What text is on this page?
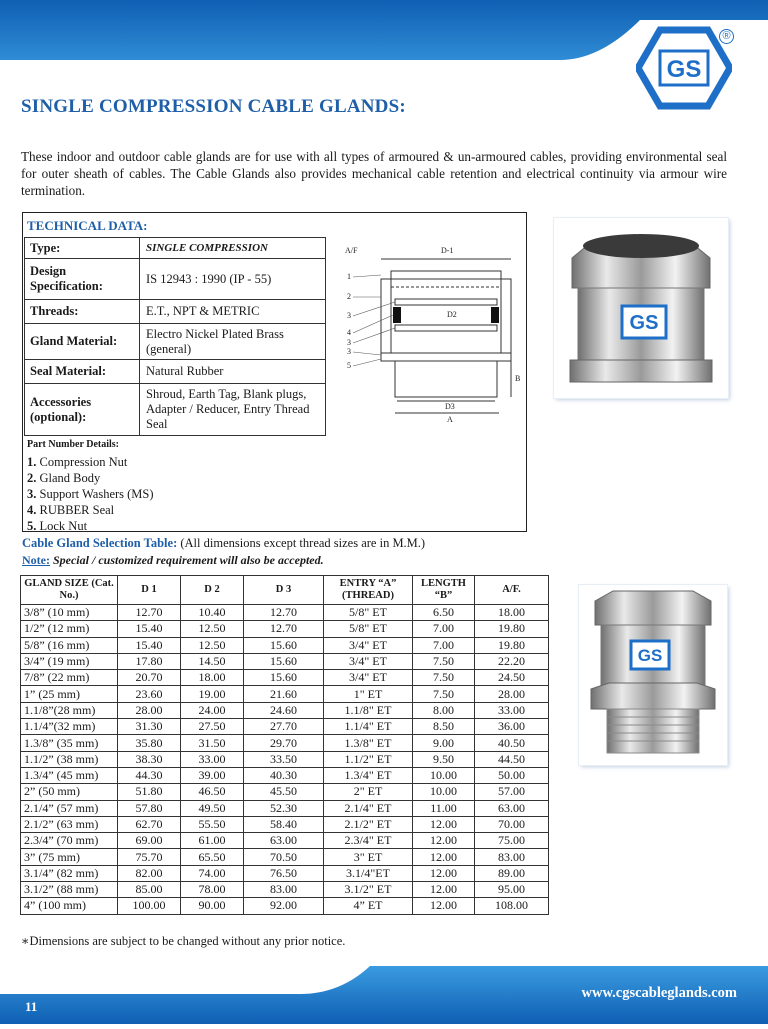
GS
®
SINGLE COMPRESSION CABLE GLANDS:

These indoor and outdoor cable glands are for use with all types of armoured & un-armoured cables, providing environmental seal for outer sheath of cables. The Cable Glands also provides mechanical cable retention and electrical continuity via armour wire termination.

TECHNICAL DATA:
Type:	SINGLE COMPRESSION
Design Specification:	IS 12943 : 1990 (IP - 55)
Threads:	E.T., NPT & METRIC
Gland Material:	Electro Nickel Plated Brass (general)
Seal Material:	Natural Rubber
Accessories (optional):	Shroud, Earth Tag, Blank plugs, Adapter / Reducer, Entry Thread Seal
A/F	D-1
D2
D3
A
B
1
2
3
4
3
3
5
Part Number Details:
1. Compression Nut
2. Gland Body
3. Support Washers (MS)
4. RUBBER Seal
5. Lock Nut
GS
GS
Cable Gland Selection Table: (All dimensions except thread sizes are in M.M.)
Note: Special / customized requirement will also be accepted.
GLAND SIZE (Cat. No.)	D 1	D 2	D 3	ENTRY “A” (THREAD)	LENGTH “B”	A/F.
3/8” (10 mm)	12.70	10.40	12.70	5/8" ET	6.50	18.00
1/2” (12 mm)	15.40	12.50	12.70	5/8" ET	7.00	19.80
5/8” (16 mm)	15.40	12.50	15.60	3/4" ET	7.00	19.80
3/4” (19 mm)	17.80	14.50	15.60	3/4" ET	7.50	22.20
7/8” (22 mm)	20.70	18.00	15.60	3/4" ET	7.50	24.50
1” (25 mm)	23.60	19.00	21.60	1" ET	7.50	28.00
1.1/8”(28 mm)	28.00	24.00	24.60	1.1/8" ET	8.00	33.00
1.1/4”(32 mm)	31.30	27.50	27.70	1.1/4" ET	8.50	36.00
1.3/8” (35 mm)	35.80	31.50	29.70	1.3/8" ET	9.00	40.50
1.1/2” (38 mm)	38.30	33.00	33.50	1.1/2" ET	9.50	44.50
1.3/4” (45 mm)	44.30	39.00	40.30	1.3/4" ET	10.00	50.00
2” (50 mm)	51.80	46.50	45.50	2" ET	10.00	57.00
2.1/4” (57 mm)	57.80	49.50	52.30	2.1/4" ET	11.00	63.00
2.1/2” (63 mm)	62.70	55.50	58.40	2.1/2" ET	12.00	70.00
2.3/4” (70 mm)	69.00	61.00	63.00	2.3/4" ET	12.00	75.00
3” (75 mm)	75.70	65.50	70.50	3" ET	12.00	83.00
3.1/4” (82 mm)	82.00	74.00	76.50	3.1/4"ET	12.00	89.00
3.1/2” (88 mm)	85.00	78.00	83.00	3.1/2" ET	12.00	95.00
4” (100 mm)	100.00	90.00	92.00	4” ET	12.00	108.00
∗Dimensions are subject to be changed without any prior notice.
www.cgscableglands.com
11
